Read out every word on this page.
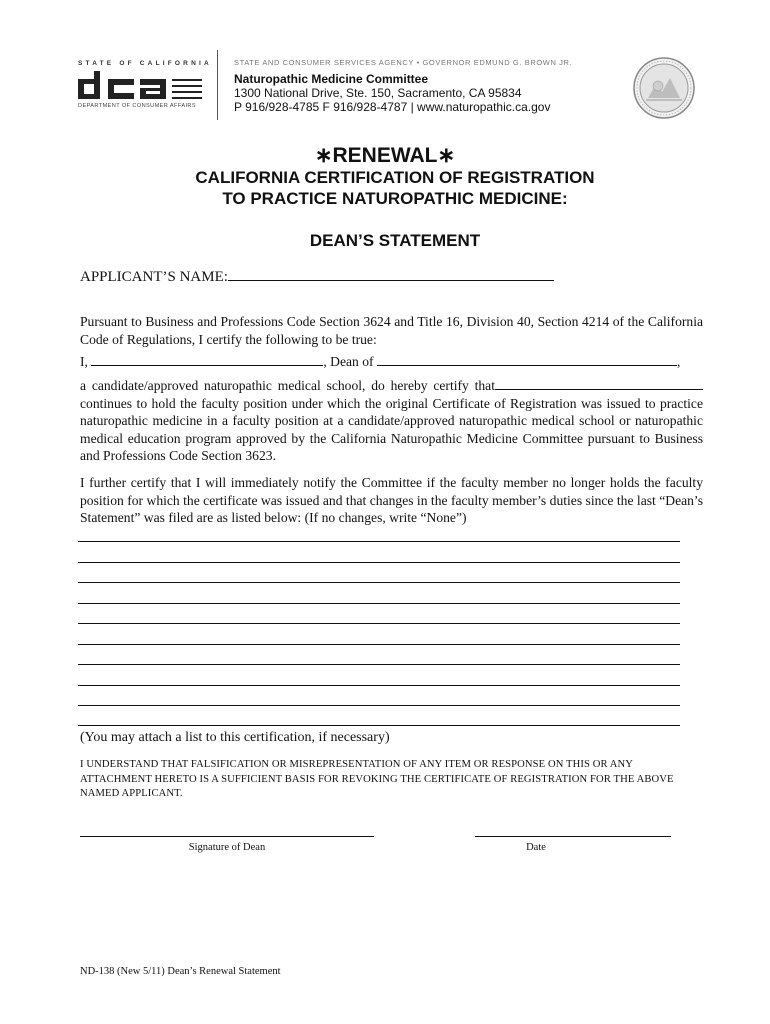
STATE OF CALIFORNIA
DEPARTMENT OF CONSUMER AFFAIRS
STATE AND CONSUMER SERVICES AGENCY • GOVERNOR EDMUND G. BROWN JR.
Naturopathic Medicine Committee
1300 National Drive, Ste. 150, Sacramento, CA 95834
P 916/928-4785 F 916/928-4787 | www.naturopathic.ca.gov
∗RENEWAL∗
CALIFORNIA CERTIFICATION OF REGISTRATION
TO PRACTICE NATUROPATHIC MEDICINE:
DEAN’S STATEMENT
APPLICANT’S NAME:
Pursuant to Business and Professions Code Section 3624 and Title 16, Division 40, Section 4214 of the California Code of Regulations, I certify the following to be true:
I,	, Dean of	,
a candidate/approved naturopathic medical school, do hereby certify that continues to hold the faculty position under which the original Certificate of Registration was issued to practice naturopathic medicine in a faculty position at a candidate/approved naturopathic medical school or naturopathic medical education program approved by the California Naturopathic Medicine Committee pursuant to Business and Professions Code Section 3623.
I further certify that I will immediately notify the Committee if the faculty member no longer holds the faculty position for which the certificate was issued and that changes in the faculty member’s duties since the last “Dean’s Statement” was filed are as listed below: (If no changes, write “None”)
(You may attach a list to this certification, if necessary)
I UNDERSTAND THAT FALSIFICATION OR MISREPRESENTATION OF ANY ITEM OR RESPONSE ON THIS OR ANY ATTACHMENT HERETO IS A SUFFICIENT BASIS FOR REVOKING THE CERTIFICATE OF REGISTRATION FOR THE ABOVE NAMED APPLICANT.
Signature of Dean	Date
ND-138 (New 5/11) Dean’s Renewal Statement
